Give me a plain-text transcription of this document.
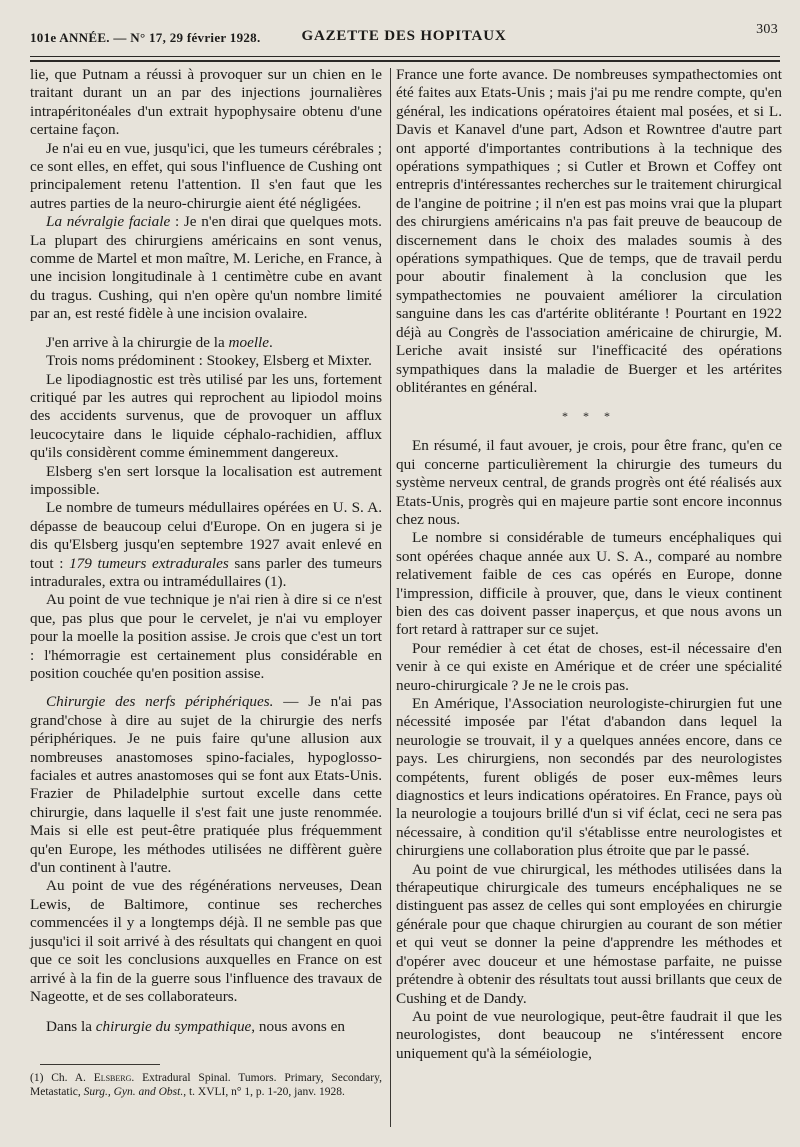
101e ANNÉE. — N° 17, 29 février 1928.	GAZETTE DES HOPITAUX	303

lie, que Putnam a réussi à provoquer sur un chien en le traitant durant un an par des injections journalières intrapéritonéales d'un extrait hypophysaire obtenu d'une certaine façon.

Je n'ai eu en vue, jusqu'ici, que les tumeurs cérébrales ; ce sont elles, en effet, qui sous l'influence de Cushing ont principalement retenu l'attention. Il s'en faut que les autres parties de la neuro-chirurgie aient été négligées.

La névralgie faciale : Je n'en dirai que quelques mots. La plupart des chirurgiens américains en sont venus, comme de Martel et mon maître, M. Leriche, en France, à une incision longitudinale à 1 centimètre cube en avant du tragus. Cushing, qui n'en opère qu'un nombre limité par an, est resté fidèle à une incision ovalaire.

J'en arrive à la chirurgie de la moelle.

Trois noms prédominent : Stookey, Elsberg et Mixter.

Le lipodiagnostic est très utilisé par les uns, fortement critiqué par les autres qui reprochent au lipiodol moins des accidents survenus, que de provoquer un afflux leucocytaire dans le liquide céphalo-rachidien, afflux qu'ils considèrent comme éminemment dangereux.

Elsberg s'en sert lorsque la localisation est autrement impossible.

Le nombre de tumeurs médullaires opérées en U. S. A. dépasse de beaucoup celui d'Europe. On en jugera si je dis qu'Elsberg jusqu'en septembre 1927 avait enlevé en tout : 179 tumeurs extradurales sans parler des tumeurs intradurales, extra ou intramédullaires (1).

Au point de vue technique je n'ai rien à dire si ce n'est que, pas plus que pour le cervelet, je n'ai vu employer pour la moelle la position assise. Je crois que c'est un tort : l'hémorragie est certainement plus considérable en position couchée qu'en position assise.

Chirurgie des nerfs périphériques. — Je n'ai pas grand'chose à dire au sujet de la chirurgie des nerfs périphériques. Je ne puis faire qu'une allusion aux nombreuses anastomoses spino-faciales, hypoglosso-faciales et autres anastomoses qui se font aux Etats-Unis. Frazier de Philadelphie surtout excelle dans cette chirurgie, dans laquelle il s'est fait une juste renommée. Mais si elle est peut-être pratiquée plus fréquemment qu'en Europe, les méthodes utilisées ne diffèrent guère d'un continent à l'autre.

Au point de vue des régénérations nerveuses, Dean Lewis, de Baltimore, continue ses recherches commencées il y a longtemps déjà. Il ne semble pas que jusqu'ici il soit arrivé à des résultats qui changent en quoi que ce soit les conclusions auxquelles en France on est arrivé à la fin de la guerre sous l'influence des travaux de Nageotte, et de ses collaborateurs.

Dans la chirurgie du sympathique, nous avons en

(1) Ch. A. Elsberg. Extradural Spinal. Tumors. Primary, Secondary, Metastatic, Surg., Gyn. and Obst., t. XVLI, n° 1, p. 1-20, janv. 1928.

France une forte avance. De nombreuses sympathectomies ont été faites aux Etats-Unis ; mais j'ai pu me rendre compte, qu'en général, les indications opératoires étaient mal posées, et si L. Davis et Kanavel d'une part, Adson et Rowntree d'autre part ont apporté d'importantes contributions à la technique des opérations sympathiques ; si Cutler et Brown et Coffey ont entrepris d'intéressantes recherches sur le traitement chirurgical de l'angine de poitrine ; il n'en est pas moins vrai que la plupart des chirurgiens américains n'a pas fait preuve de beaucoup de discernement dans le choix des malades soumis à des opérations sympathiques. Que de temps, que de travail perdu pour aboutir finalement à la conclusion que les sympathectomies ne pouvaient améliorer la circulation sanguine dans les cas d'artérite oblitérante ! Pourtant en 1922 déjà au Congrès de l'association américaine de chirurgie, M. Leriche avait insisté sur l'inefficacité des opérations sympathiques dans la maladie de Buerger et les artérites oblitérantes en général.

* * *

En résumé, il faut avouer, je crois, pour être franc, qu'en ce qui concerne particulièrement la chirurgie des tumeurs du système nerveux central, de grands progrès ont été réalisés aux Etats-Unis, progrès qui en majeure partie sont encore inconnus chez nous.

Le nombre si considérable de tumeurs encéphaliques qui sont opérées chaque année aux U. S. A., comparé au nombre relativement faible de ces cas opérés en Europe, donne l'impression, difficile à prouver, que, dans le vieux continent bien des cas doivent passer inaperçus, et que nous avons un fort retard à rattraper sur ce sujet.

Pour remédier à cet état de choses, est-il nécessaire d'en venir à ce qui existe en Amérique et de créer une spécialité neuro-chirurgicale ? Je ne le crois pas.

En Amérique, l'Association neurologiste-chirurgien fut une nécessité imposée par l'état d'abandon dans lequel la neurologie se trouvait, il y a quelques années encore, dans ce pays. Les chirurgiens, non secondés par des neurologistes compétents, furent obligés de poser eux-mêmes leurs diagnostics et leurs indications opératoires. En France, pays où la neurologie a toujours brillé d'un si vif éclat, ceci ne sera pas nécessaire, à condition qu'il s'établisse entre neurologistes et chirurgiens une collaboration plus étroite que par le passé.

Au point de vue chirurgical, les méthodes utilisées dans la thérapeutique chirurgicale des tumeurs encéphaliques ne se distinguent pas assez de celles qui sont employées en chirurgie générale pour que chaque chirurgien au courant de son métier et qui veut se donner la peine d'apprendre les méthodes et d'opérer avec douceur et une hémostase parfaite, ne puisse prétendre à obtenir des résultats tout aussi brillants que ceux de Cushing et de Dandy.

Au point de vue neurologique, peut-être faudrait il que les neurologistes, dont beaucoup ne s'intéressent encore uniquement qu'à la séméiologie,
